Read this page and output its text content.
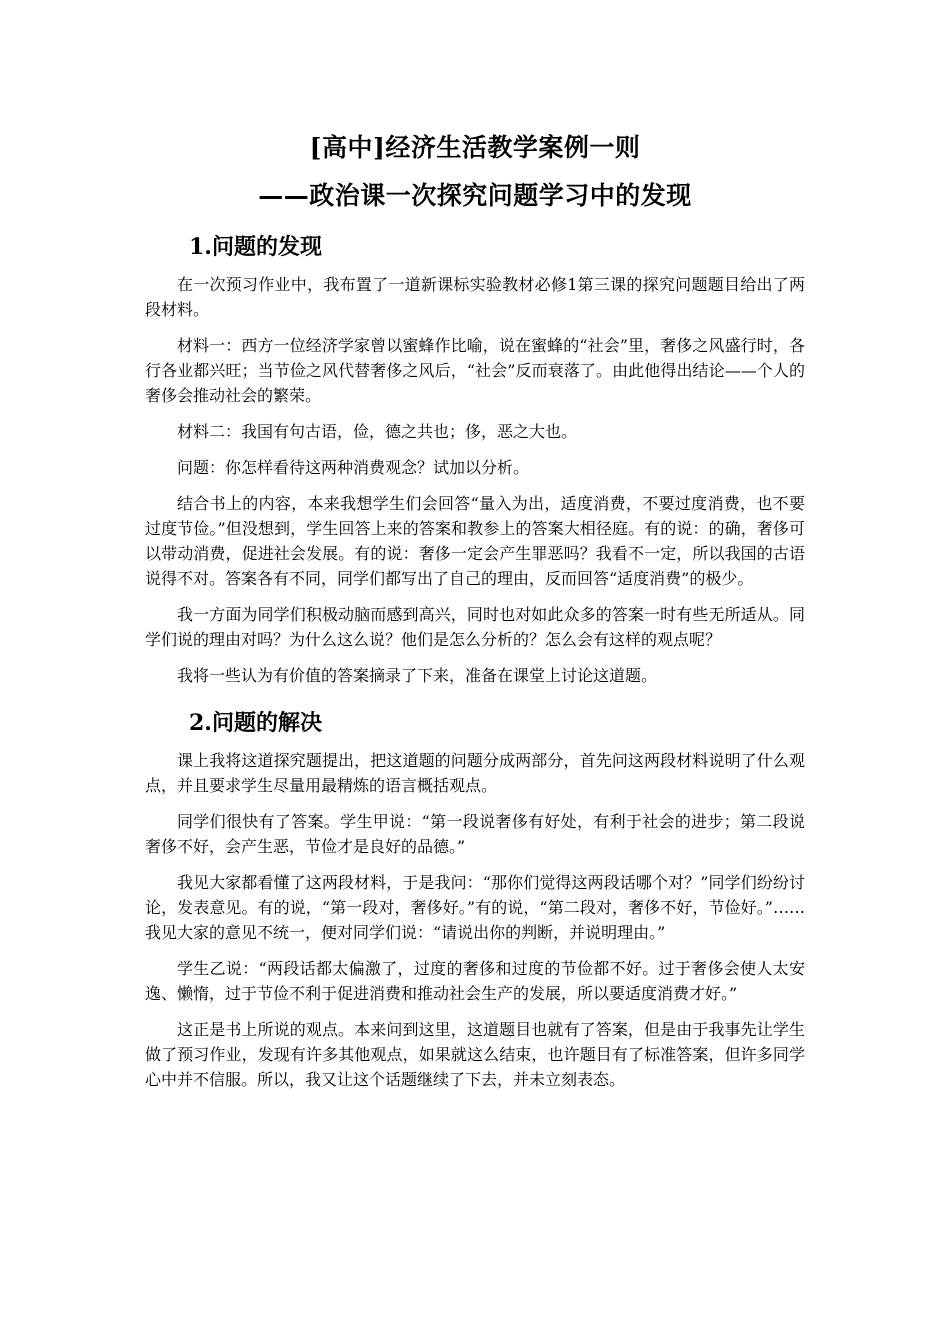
[高中]经济生活教学案例一则
——政治课一次探究问题学习中的发现
1.问题的发现

在一次预习作业中，我布置了一道新课标实验教材必修1第三课的探究问题题目给出了两段材料。

材料一：西方一位经济学家曾以蜜蜂作比喻，说在蜜蜂的“社会”里，奢侈之风盛行时，各行各业都兴旺；当节俭之风代替奢侈之风后，“社会”反而衰落了。由此他得出结论——个人的奢侈会推动社会的繁荣。

材料二：我国有句古语，俭，德之共也；侈，恶之大也。

问题：你怎样看待这两种消费观念？试加以分析。

结合书上的内容，本来我想学生们会回答“量入为出，适度消费，不要过度消费，也不要过度节俭。”但没想到，学生回答上来的答案和教参上的答案大相径庭。有的说：的确，奢侈可以带动消费，促进社会发展。有的说：奢侈一定会产生罪恶吗？我看不一定，所以我国的古语说得不对。答案各有不同，同学们都写出了自己的理由，反而回答“适度消费”的极少。

我一方面为同学们积极动脑而感到高兴，同时也对如此众多的答案一时有些无所适从。同学们说的理由对吗？为什么这么说？他们是怎么分析的？怎么会有这样的观点呢？

我将一些认为有价值的答案摘录了下来，准备在课堂上讨论这道题。

2.问题的解决

课上我将这道探究题提出，把这道题的问题分成两部分，首先问这两段材料说明了什么观点，并且要求学生尽量用最精炼的语言概括观点。

同学们很快有了答案。学生甲说：“第一段说奢侈有好处，有利于社会的进步；第二段说奢侈不好，会产生恶，节俭才是良好的品德。”

我见大家都看懂了这两段材料，于是我问：“那你们觉得这两段话哪个对？”同学们纷纷讨论，发表意见。有的说，“第一段对，奢侈好。”有的说，“第二段对，奢侈不好，节俭好。”……我见大家的意见不统一，便对同学们说：“请说出你的判断，并说明理由。”

学生乙说：“两段话都太偏激了，过度的奢侈和过度的节俭都不好。过于奢侈会使人太安逸、懒惰，过于节俭不利于促进消费和推动社会生产的发展，所以要适度消费才好。”

这正是书上所说的观点。本来问到这里，这道题目也就有了答案，但是由于我事先让学生做了预习作业，发现有许多其他观点，如果就这么结束，也许题目有了标准答案，但许多同学心中并不信服。所以，我又让这个话题继续了下去，并未立刻表态。
